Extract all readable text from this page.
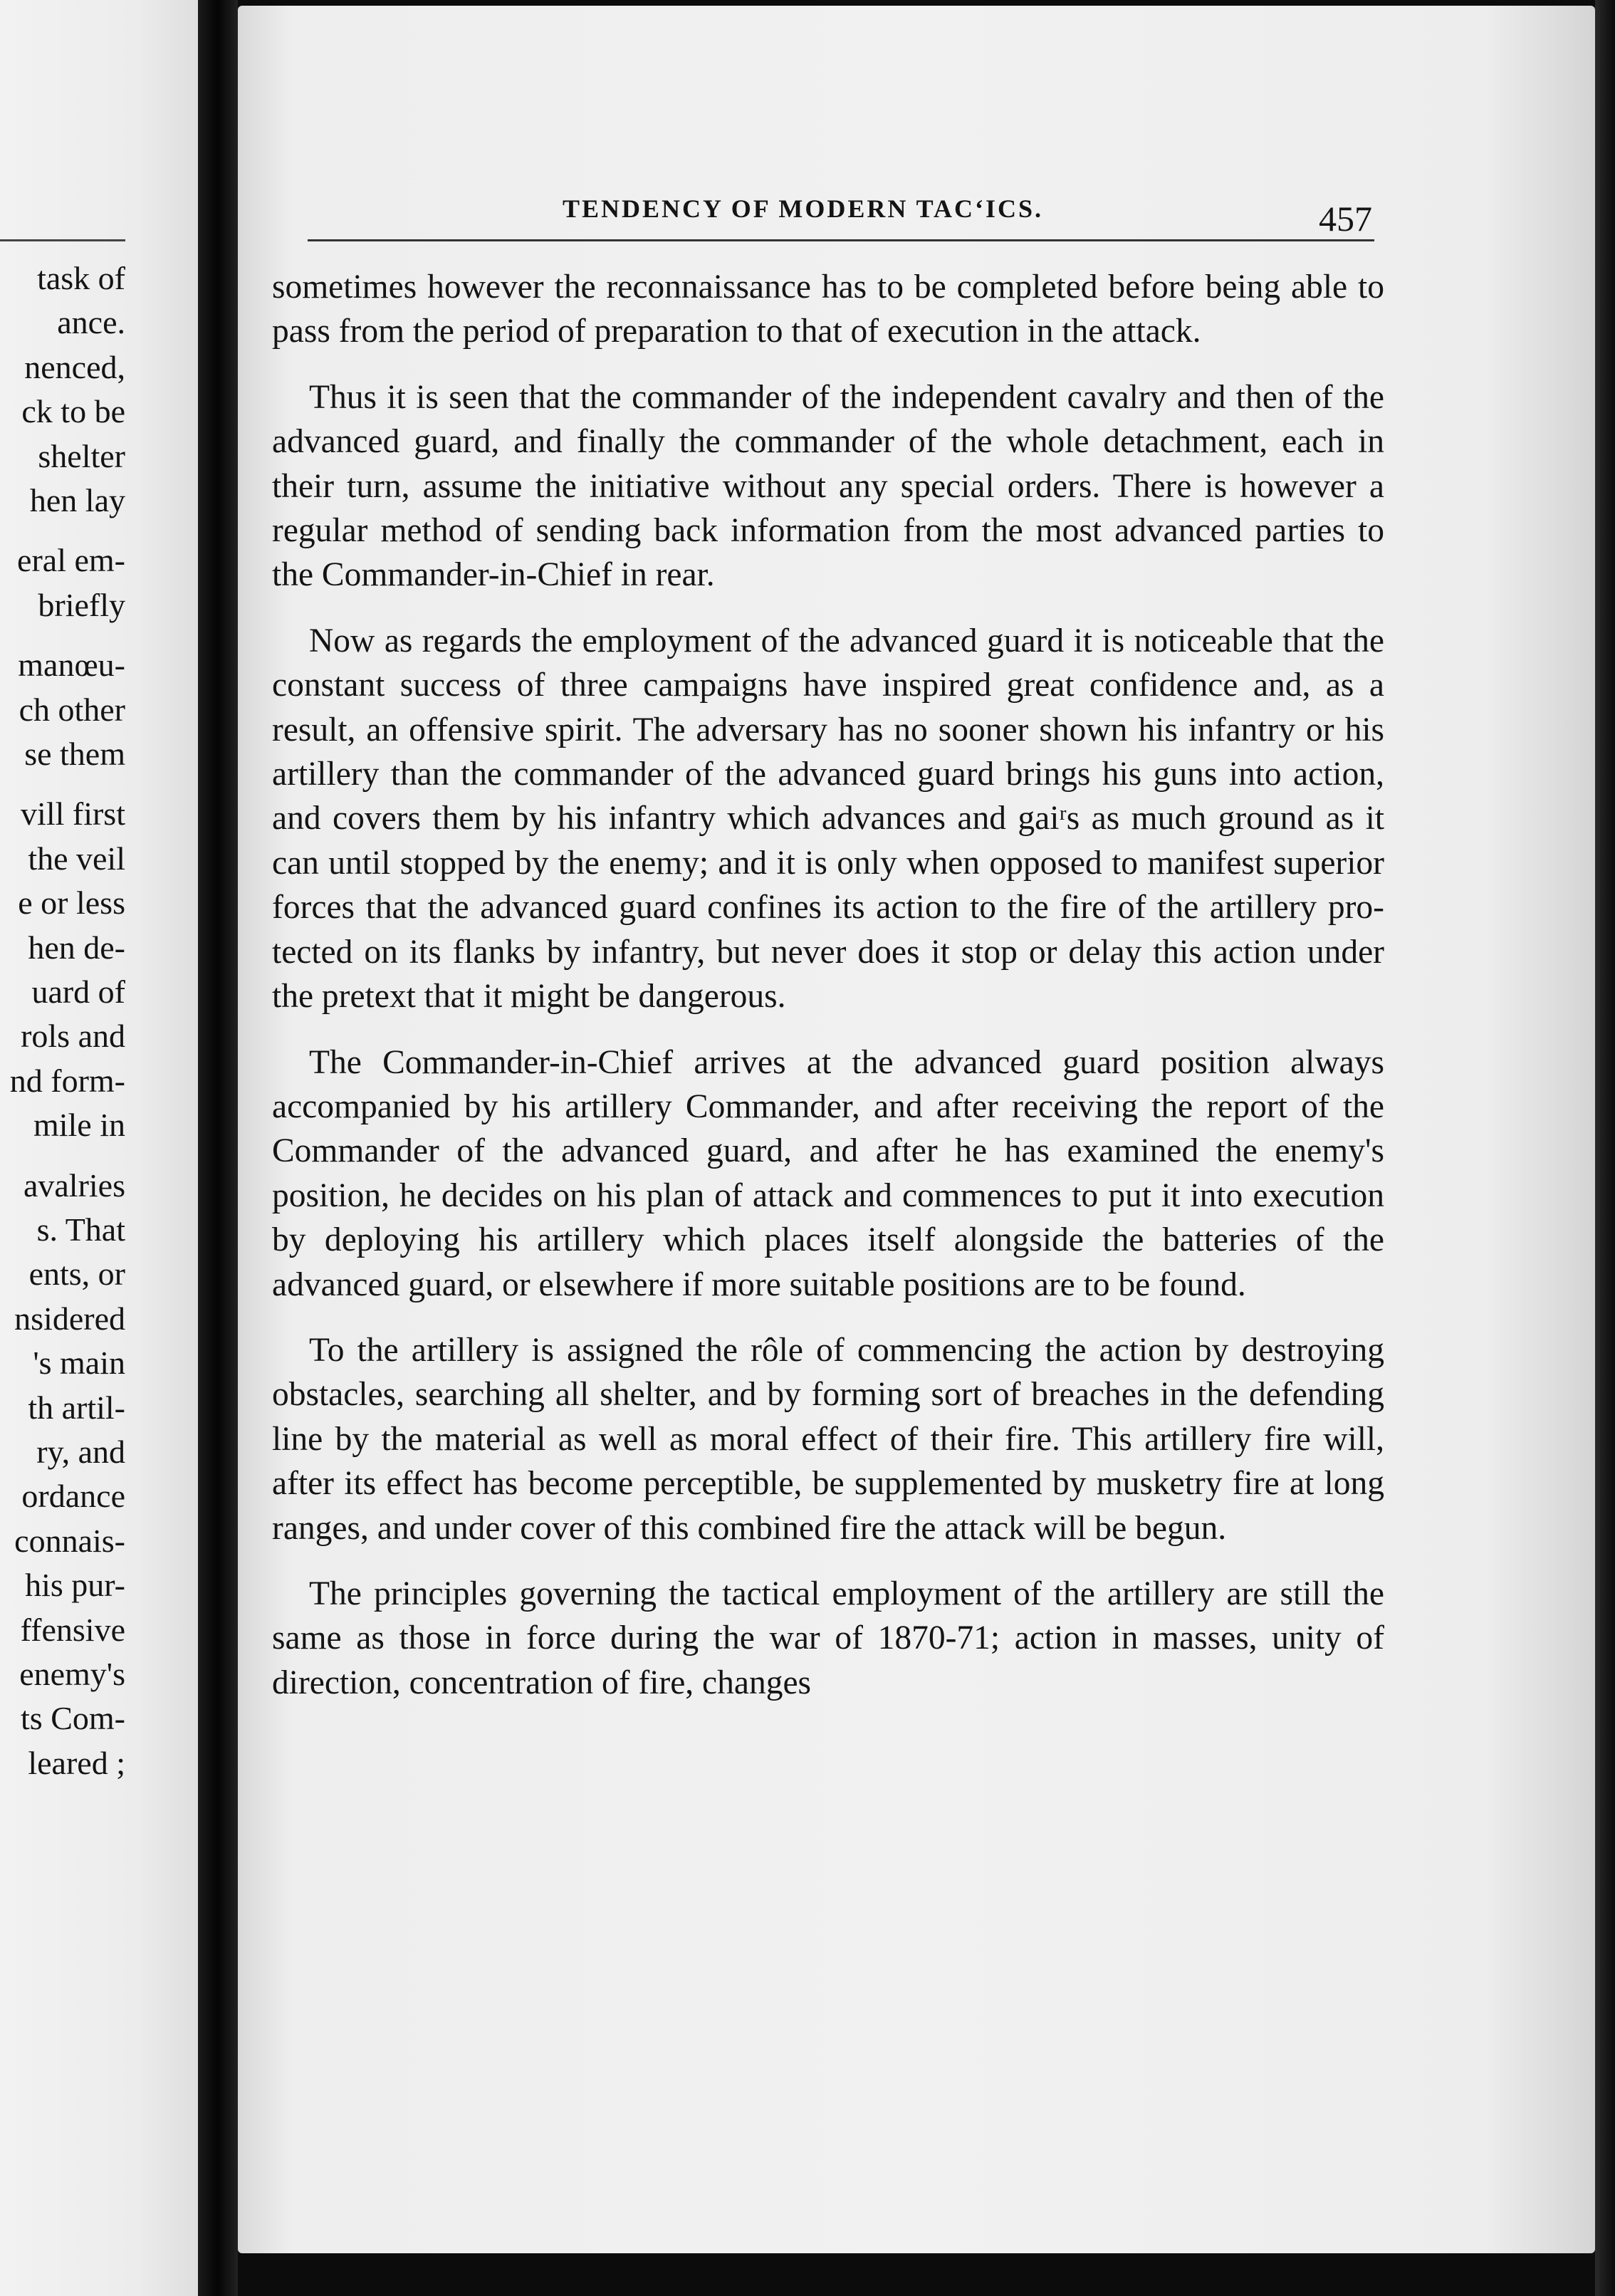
task of
ance.
nenced,
ck to be
shelter
hen lay
eral em-
briefly
manœu-
ch other
se them
vill first
the veil
e or less
hen de-
uard of
rols and
nd form-
mile in
avalries
s. That
ents, or
nsidered
's main
th artil-
ry, and
ordance
connais-
his pur-
ffensive
enemy's
ts Com-
leared ;
TENDENCY OF MODERN TAC‘ICS.	457

sometimes however the reconnaissance has to be completed before being able to pass from the period of preparation to that of execution in the attack.

Thus it is seen that the commander of the independent cavalry and then of the advanced guard, and finally the commander of the whole detachment, each in their turn, assume the initiative without any special orders. There is however a regular method of sending back information from the most advanced parties to the Commander-in-Chief in rear.

Now as regards the employment of the advanced guard it is noticeable that the constant success of three campaigns have inspired great confidence and, as a result, an offensive spirit. The adversary has no sooner shown his infantry or his artillery than the commander of the advanced guard brings his guns into action, and covers them by his infantry which advances and gaiʳs as much ground as it can until stopped by the enemy; and it is only when opposed to manifest superior forces that the advanced guard confines its action to the fire of the artillery protected on its flanks by infantry, but never does it stop or delay this action under the pretext that it might be dangerous.

The Commander-in-Chief arrives at the advanced guard position always accompanied by his artillery Commander, and after receiving the report of the Commander of the advanced guard, and after he has examined the enemy's position, he decides on his plan of attack and commences to put it into execution by deploying his artillery which places itself alongside the batteries of the advanced guard, or elsewhere if more suitable positions are to be found.

To the artillery is assigned the rôle of commencing the action by destroying obstacles, searching all shelter, and by forming sort of breaches in the defending line by the material as well as moral effect of their fire. This artillery fire will, after its effect has become perceptible, be supplemented by musketry fire at long ranges, and under cover of this combined fire the attack will be begun.

The principles governing the tactical employment of the artillery are still the same as those in force during the war of 1870-71; action in masses, unity of direction, concentration of fire, changes
